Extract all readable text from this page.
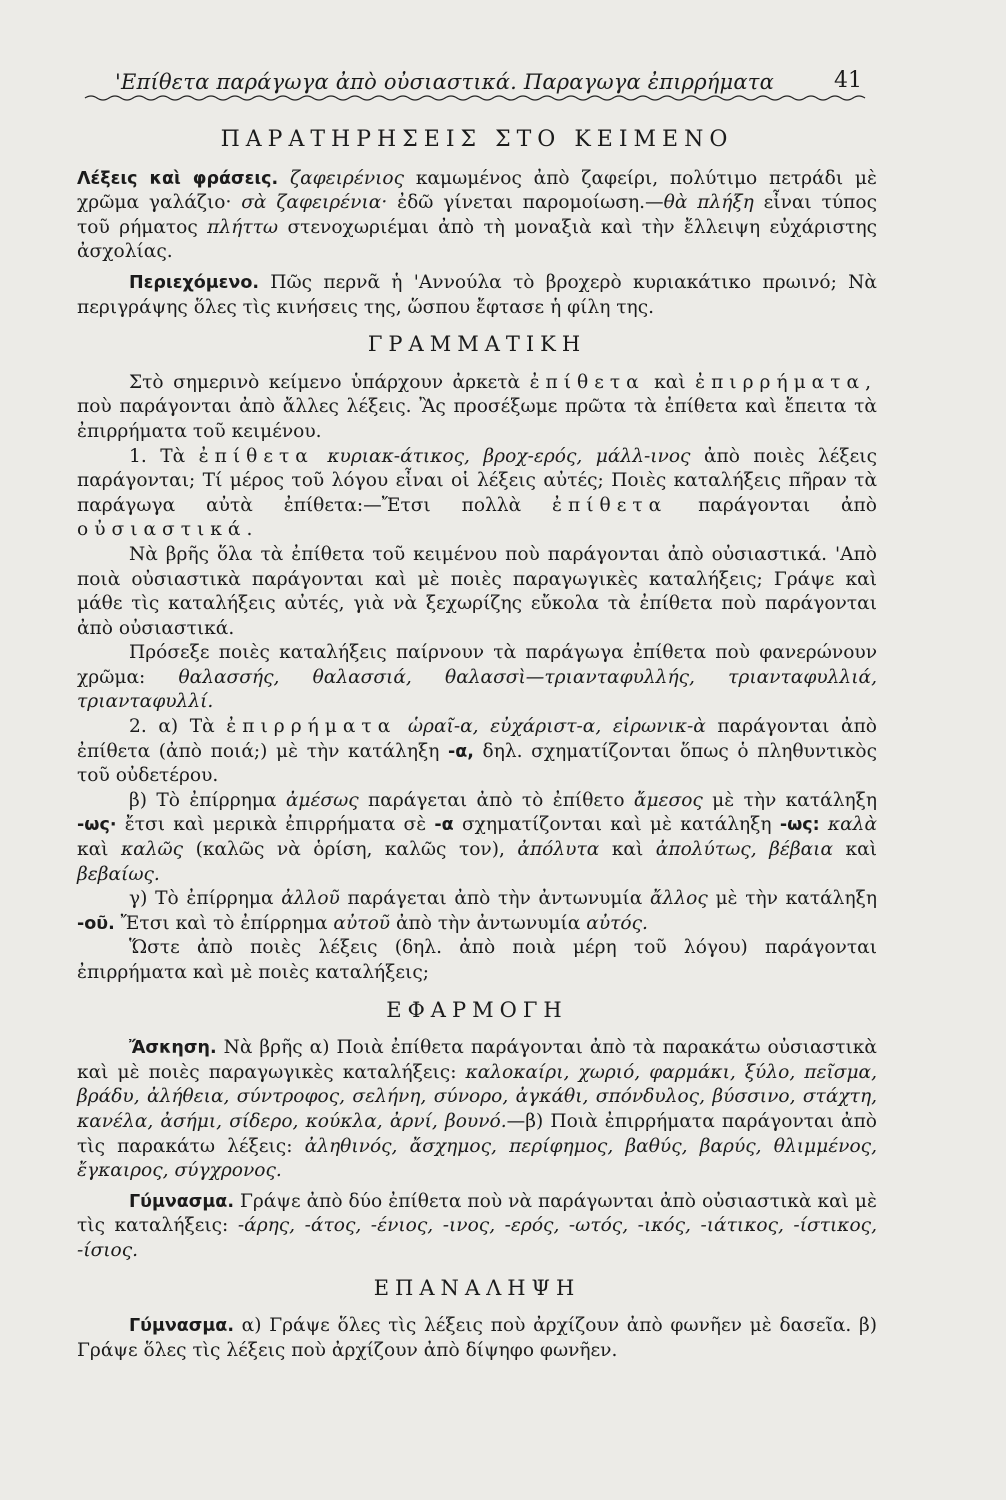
'Επίθετα παράγωγα ἀπὸ οὐσιαστικά. Παραγωγα ἐπιρρήματα	41
ΠΑΡΑΤΗΡΗΣΕΙΣ ΣΤΟ ΚΕΙΜΕΝΟ

Λέξεις καὶ φράσεις. ζαφειρένιος καμωμένος ἀπὸ ζαφείρι, πολύτιμο πετράδι μὲ χρῶμα γαλάζιο· σὰ ζαφειρένια· ἐδῶ γίνεται παρομοίωση.—θὰ πλήξη εἶναι τύπος τοῦ ρήματος πλήττω στενοχωριέμαι ἀπὸ τὴ μοναξιὰ καὶ τὴν ἔλλειψη εὐχάριστης ἀσχολίας.

Περιεχόμενο. Πῶς περνᾶ ἡ 'Αννούλα τὸ βροχερὸ κυριακάτικο πρωινό; Νὰ περιγράψης ὅλες τὶς κινήσεις της, ὥσπου ἔφτασε ἡ φίλη της.

ΓΡΑΜΜΑΤΙΚΗ

Στὸ σημερινὸ κείμενο ὑπάρχουν ἀρκετὰ ἐπίθετα καὶ ἐπιρρήματα, ποὺ παράγονται ἀπὸ ἄλλες λέξεις. Ἂς προσέξωμε πρῶτα τὰ ἐπίθετα καὶ ἔπειτα τὰ ἐπιρρήματα τοῦ κειμένου.

1. Τὰ ἐπίθετα κυριακ-άτικος, βροχ-ερός, μάλλ-ινος ἀπὸ ποιὲς λέξεις παράγονται; Τί μέρος τοῦ λόγου εἶναι οἱ λέξεις αὐτές; Ποιὲς καταλήξεις πῆραν τὰ παράγωγα αὐτὰ ἐπίθετα:—Ἔτσι πολλὰ ἐπίθετα παράγονται ἀπὸ οὐσιαστικά.

Νὰ βρῆς ὅλα τὰ ἐπίθετα τοῦ κειμένου ποὺ παράγονται ἀπὸ οὐσιαστικά. 'Απὸ ποιὰ οὐσιαστικὰ παράγονται καὶ μὲ ποιὲς παραγωγικὲς καταλήξεις; Γράψε καὶ μάθε τὶς καταλήξεις αὐτές, γιὰ νὰ ξεχωρίζης εὔκολα τὰ ἐπίθετα ποὺ παράγονται ἀπὸ οὐσιαστικά.

Πρόσεξε ποιὲς καταλήξεις παίρνουν τὰ παράγωγα ἐπίθετα ποὺ φανερώνουν χρῶμα: θαλασσής, θαλασσιά, θαλασσὶ—τριανταφυλλής, τριανταφυλλιά, τριανταφυλλί.

2. α) Τὰ ἐπιρρήματα ὡραῖ-α, εὐχάριστ-α, εἰρωνικ-ὰ παράγονται ἀπὸ ἐπίθετα (ἀπὸ ποιά;) μὲ τὴν κατάληξη -α, δηλ. σχηματίζονται ὅπως ὁ πληθυντικὸς τοῦ οὐδετέρου.

β) Τὸ ἐπίρρημα ἀμέσως παράγεται ἀπὸ τὸ ἐπίθετο ἄμεσος μὲ τὴν κατάληξη -ως· ἔτσι καὶ μερικὰ ἐπιρρήματα σὲ -α σχηματίζονται καὶ μὲ κατάληξη -ως: καλὰ καὶ καλῶς (καλῶς νὰ ὁρίση, καλῶς τον), ἀπόλυτα καὶ ἀπολύτως, βέβαια καὶ βεβαίως.

γ) Τὸ ἐπίρρημα ἀλλοῦ παράγεται ἀπὸ τὴν ἀντωνυμία ἄλλος μὲ τὴν κατάληξη -οῦ. Ἔτσι καὶ τὸ ἐπίρρημα αὐτοῦ ἀπὸ τὴν ἀντωνυμία αὐτός.

Ὥστε ἀπὸ ποιὲς λέξεις (δηλ. ἀπὸ ποιὰ μέρη τοῦ λόγου) παράγονται ἐπιρρήματα καὶ μὲ ποιὲς καταλήξεις;

ΕΦΑΡΜΟΓΗ

Ἄσκηση. Νὰ βρῆς α) Ποιὰ ἐπίθετα παράγονται ἀπὸ τὰ παρακάτω οὐσιαστικὰ καὶ μὲ ποιὲς παραγωγικὲς καταλήξεις: καλοκαίρι, χωριό, φαρμάκι, ξύλο, πεῖσμα, βράδυ, ἀλήθεια, σύντροφος, σελήνη, σύνορο, ἀγκάθι, σπόνδυλος, βύσσινο, στάχτη, κανέλα, ἀσήμι, σίδερο, κούκλα, ἀρνί, βουνό.—β) Ποιὰ ἐπιρρήματα παράγονται ἀπὸ τὶς παρακάτω λέξεις: ἀληθινός, ἄσχημος, περίφημος, βαθύς, βαρύς, θλιμμένος, ἔγκαιρος, σύγχρονος.

Γύμνασμα. Γράψε ἀπὸ δύο ἐπίθετα ποὺ νὰ παράγωνται ἀπὸ οὐσιαστικὰ καὶ μὲ τὶς καταλήξεις: -άρης, -άτος, -ένιος, -ινος, -ερός, -ωτός, -ικός, -ιάτικος, -ίστικος, -ίσιος.

ΕΠΑΝΑΛΗΨΗ

Γύμνασμα. α) Γράψε ὅλες τὶς λέξεις ποὺ ἀρχίζουν ἀπὸ φωνῆεν μὲ δασεῖα. β) Γράψε ὅλες τὶς λέξεις ποὺ ἀρχίζουν ἀπὸ δίψηφο φωνῆεν.
